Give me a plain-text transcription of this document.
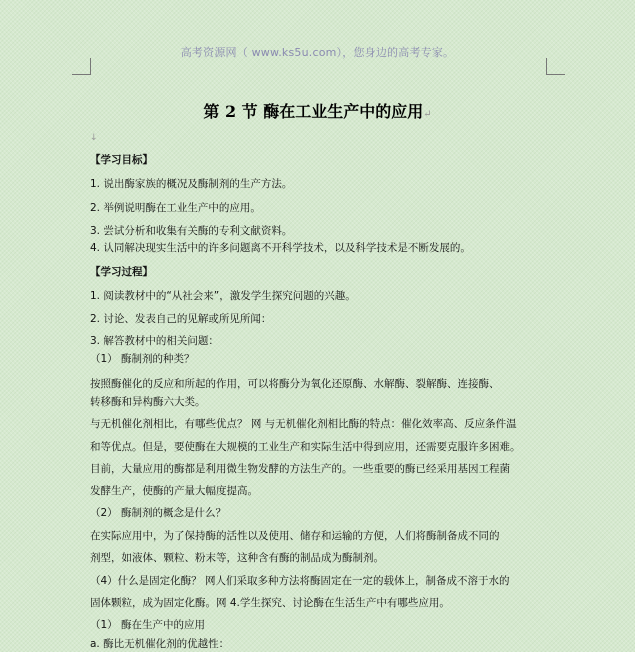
高考资源网（ www.ks5u.com），您身边的高考专家。
第 2 节 酶在工业生产中的应用↵
↓
【学习目标】
1. 说出酶家族的概况及酶制剂的生产方法。
2. 举例说明酶在工业生产中的应用。
3. 尝试分析和收集有关酶的专利文献资料。
4. 认同解决现实生活中的许多问题离不开科学技术，以及科学技术是不断发展的。
【学习过程】
1. 阅读教材中的“从社会来”，激发学生探究问题的兴趣。
2. 讨论、发表自己的见解或所见所闻：
3. 解答教材中的相关问题：
（1） 酶制剂的种类？
按照酶催化的反应和所起的作用，可以将酶分为氧化还原酶、水解酶、裂解酶、连接酶、
转移酶和异构酶六大类。
与无机催化剂相比，有哪些优点？ 网 与无机催化剂相比酶的特点：催化效率高、反应条件温
和等优点。但是，要使酶在大规模的工业生产和实际生活中得到应用，还需要克服许多困难。
目前，大量应用的酶都是利用微生物发酵的方法生产的。一些重要的酶已经采用基因工程菌
发酵生产，使酶的产量大幅度提高。
（2） 酶制剂的概念是什么？
在实际应用中，为了保持酶的活性以及使用、储存和运输的方便，人们将酶制备成不同的
剂型，如液体、颗粒、粉末等，这种含有酶的制品成为酶制剂。
（4）什么是固定化酶？ 网人们采取多种方法将酶固定在一定的载体上，制备成不溶于水的
固体颗粒，成为固定化酶。网 4.学生探究、讨论酶在生活生产中有哪些应用。
（1） 酶在生产中的应用
a. 酶比无机催化剂的优越性：
